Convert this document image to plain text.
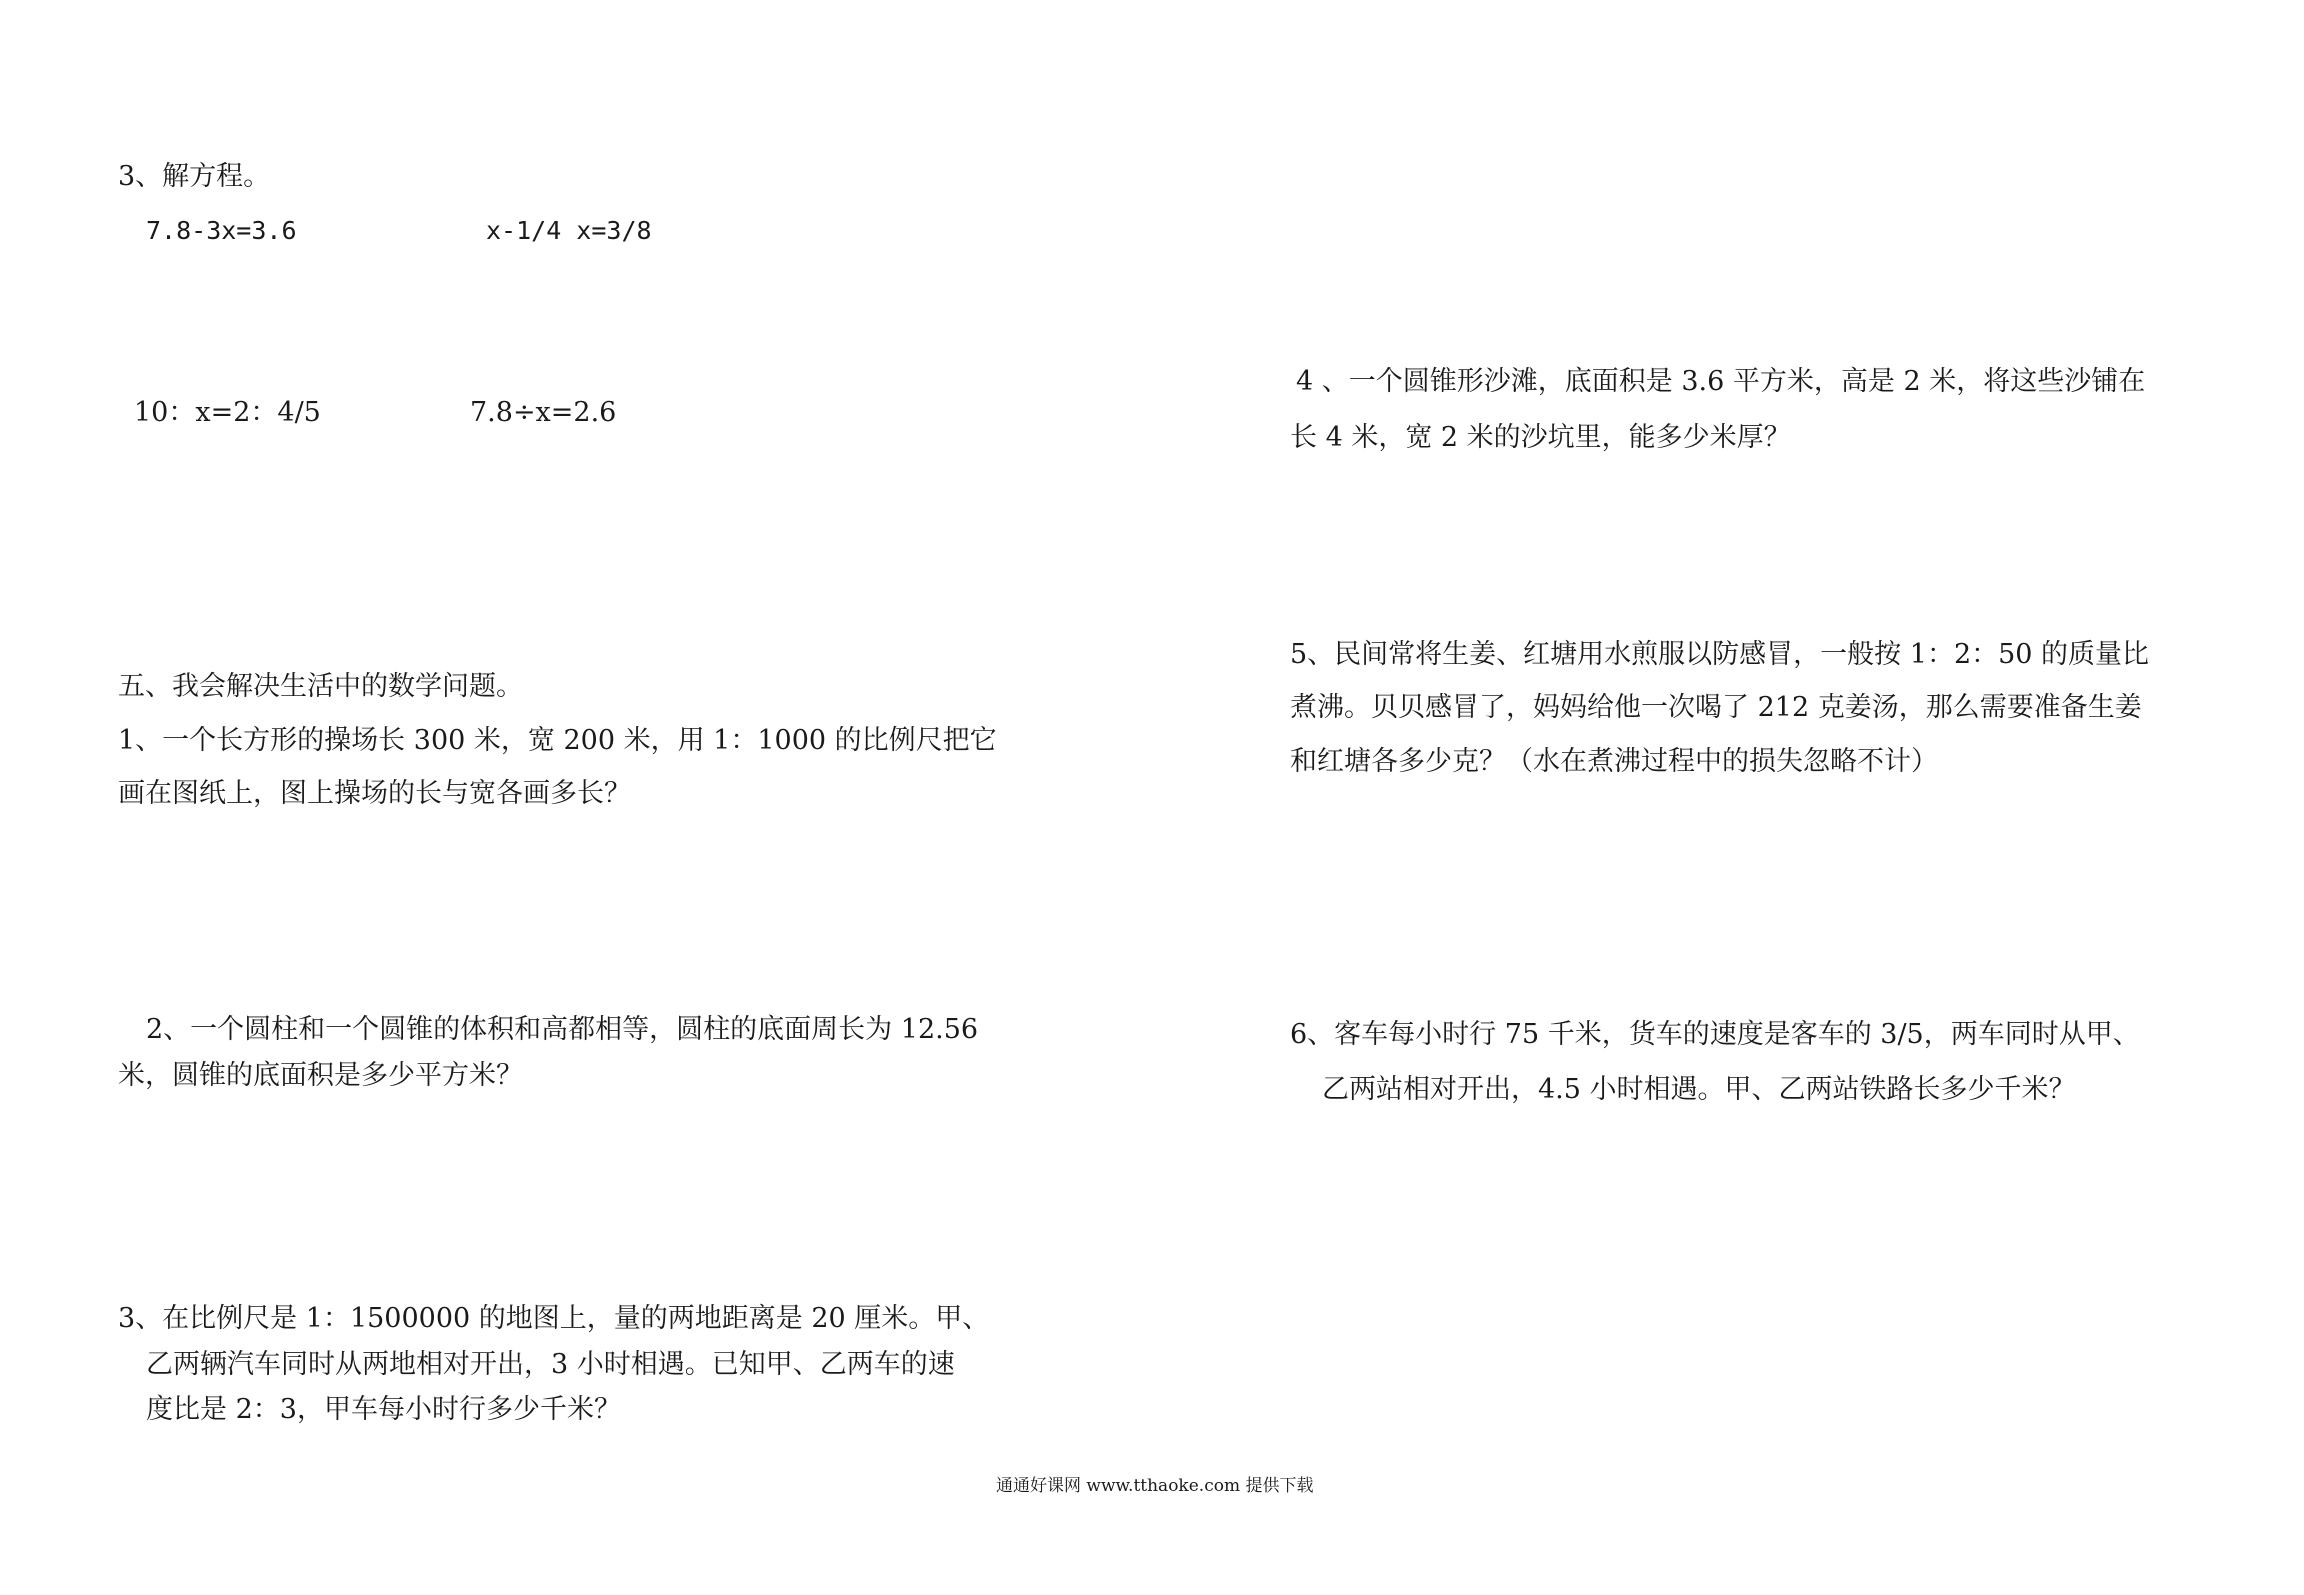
3、解方程。

7.8-3x=3.6	x-1/4 x=3/8

10：x=2：4/5	7.8÷x=2.6

五、我会解决生活中的数学问题。

1、一个长方形的操场长 300 米，宽 200 米，用 1：1000 的比例尺把它

画在图纸上，图上操场的长与宽各画多长？

2、一个圆柱和一个圆锥的体积和高都相等，圆柱的底面周长为 12.56

米，圆锥的底面积是多少平方米？

3、在比例尺是 1：1500000 的地图上，量的两地距离是 20 厘米。甲、

乙两辆汽车同时从两地相对开出，3 小时相遇。已知甲、乙两车的速

度比是 2：3，甲车每小时行多少千米？

4 、一个圆锥形沙滩，底面积是 3.6 平方米，高是 2 米，将这些沙铺在

长 4 米，宽 2 米的沙坑里，能多少米厚？

5、民间常将生姜、红塘用水煎服以防感冒，一般按 1：2：50 的质量比

煮沸。贝贝感冒了，妈妈给他一次喝了 212 克姜汤，那么需要准备生姜

和红塘各多少克？（水在煮沸过程中的损失忽略不计）

6、客车每小时行 75 千米，货车的速度是客车的 3/5，两车同时从甲、

乙两站相对开出，4.5 小时相遇。甲、乙两站铁路长多少千米？

通通好课网 www.tthaoke.com 提供下载
